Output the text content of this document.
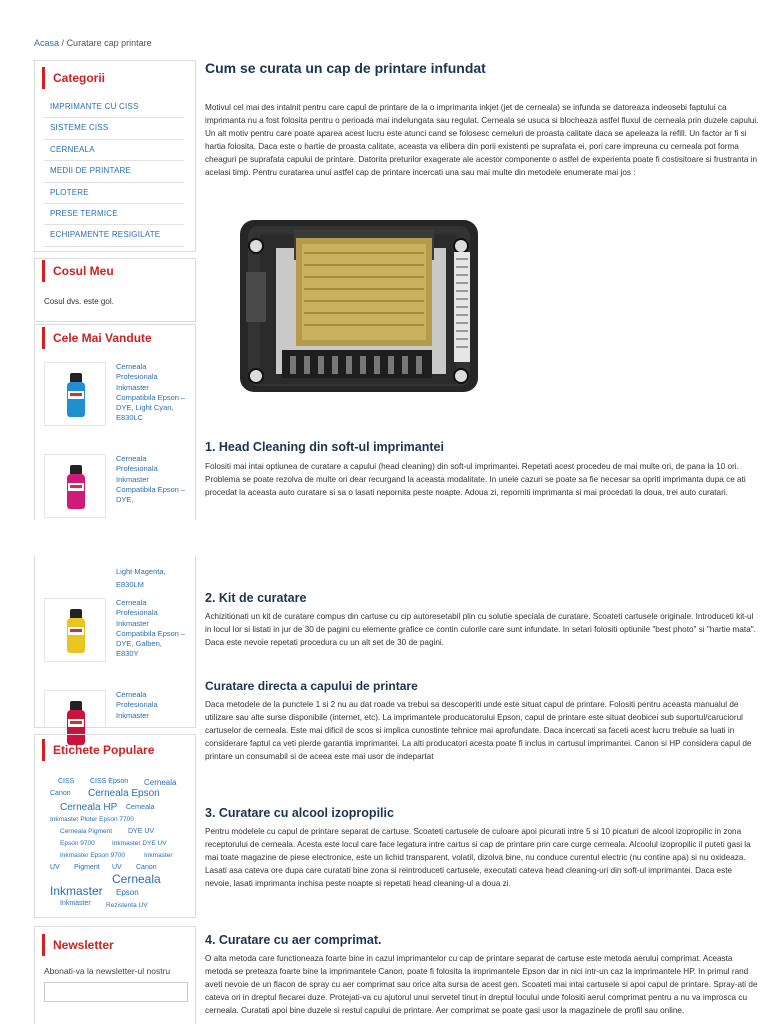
Acasa / Curatare cap printare
Categorii
IMPRIMANTE CU CISS
SISTEME CISS
CERNEALA
MEDII DE PRINTARE
PLOTERE
PRESE TERMICE
ECHIPAMENTE RESIGILATE
Cosul Meu
Cosul dvs. este gol.
Cele Mai Vandute
Cerneala Profesionala Inkmaster Compatibila Epson – DYE, Light Cyan, E830LC
Cerneala Profesionala Inkmaster Compatibila Epson – DYE,
Cum se curata un cap de printare infundat
Motivul cel mai des intalnit pentru care capul de printare de la o imprimanta inkjet (jet de cerneala) se infunda se datoreaza indeosebi faptului ca imprimanta nu a fost folosita pentru o perioada mai indelungata sau regulat. Cerneala se usuca si blocheaza astfel fluxul de cerneala prin duzele capului. Un alt motiv pentru care poate aparea acest lucru este atunci cand se folosesc cerneluri de proasta calitate daca se apeleaza la refill. Un factor ar fi si hartia folosita. Daca este o hartie de proasta calitate, aceasta va elibera din porii existenti pe suprafata ei, pori care impreuna cu cerneala pot forma cheaguri pe suprafata capului de printare. Datorita preturilor exagerate ale acestor componente o astfel de experienta poate fi costisitoare si frustranta in acelasi timp. Pentru curatarea unui astfel cap de printare incercati una sau mai multe din metodele enumerate mai jos :
1. Head Cleaning din soft-ul imprimantei
Folositi mai intai optiunea de curatare a capului (head cleaning) din soft-ul imprimantei. Repetati acest procedeu de mai multe ori, de pana la 10 ori. Problema se poate rezolva de multe ori dear recurgand la aceasta modalitate. In unele cazuri se poate sa fie necesar sa opriti imprimanta dupa ce ati procedat la aceasta auto curatare si sa o lasati nepornita peste noapte. Adoua zi, reporniti imprimanta si mai procedati la doua, trei auto curatari.
Light Magenta, E830LM
Cerneala Profesionala Inkmaster Compatibila Epson – DYE, Galben, E830Y
Cerneala Profesionala Inkmaster
Etichete Populare
CISS CISS Epson Cerneala
Canon Cerneala Epson
Cerneala HP Cerneala
Inkmaster Ploter Epson 7700
Cerneala Pigment DYE UV
Epson 9700	Inkmaster DYE UV
Inkmaster Epson 9700	Inkmaster
UV Pigment UV Canon
Cerneala
Inkmaster Epson
Inkmaster Rezistenta UV
Newsletter
Abonati-va la newsletter-ul nostru
2. Kit de curatare
Achizitionati un kit de curatare compus din cartuse cu cip autoresetabil plin cu solutie speciala de curatare. Scoateti cartusele originale. Introduceti kit-ul in locul lor si listati in jur de 30 de pagini cu elemente grafice ce contin culorile care sunt infundate. In setari folositi optiunile "best photo" si "hartie mata". Daca este nevoie repetati procedura cu un alt set de 30 de pagini.
Curatare directa a capului de printare
Daca metodele de la punctele 1 si 2 nu au dat roade va trebui sa descoperiti unde este situat capul de printare. Folositi pentru aceasta manualul de utilizare sau alte surse disponibile (internet, etc). La imprimantele producatorului Epson, capul de printare este situat deobicei sub suportul/caruciorul cartuselor de cerneala. Este mai dificil de scos si implica cunostinte tehnice mai aprofundate. Daca incercati sa faceti acest lucru trebuie sa luati in considerare faptul ca veti pierde garantia imprimantei. La alti producatori acesta poate fi inclus in cartusul imprimantei. Canon si HP considera capul de printare un consumabil si de aceea este mai usor de indepartat
3. Curatare cu alcool izopropilic
Pentru modelele cu capul de printare separat de cartuse. Scoateti cartusele de culoare apoi picurati intre 5 si 10 picaturi de alcool izopropilic in zona receptorului de cerneala. Acesta este locul care face legatura intre cartus si cap de printare prin care curge cerneala. Alcoolul izopropilic il puteti gasi la mai toate magazine de piese electronice, este un lichid transparent, volatil, dizolva bine, nu conduce curentul electric (nu contine apa) si nu oxideaza. Lasati asa cateva ore dupa care curatati bine zona si reintroduceti cartusele, executati cateva head cleaning-uri din soft-ul imprimantei. Daca este nevoie, lasati imprimanta inchisa peste noapte si repetati head cleaning-ul a doua zi.
4. Curatare cu aer comprimat.
O alta metoda care functioneaza foarte bine in cazul imprimantelor cu cap de printare separat de cartuse este metoda aerului comprimat. Aceasta metoda se preteaza foarte bine la imprimantele Canon, poate fi folosita la imprimantele Epson dar in nici intr-un caz la imprimantele HP. In primul rand aveti nevoie de un flacon de spray cu aer comprimat sau orice alta sursa de acest gen. Scoateti mai intai cartusele si apoi capul de printare. Spray-ati de cateva ori in dreptul fiecarei duze. Protejati-va cu ajutorul unui servetel tinut in dreptul locului unde folositi aerul comprimat pentru a nu va improsca cu cerneala. Curatati apoi bine duzele si restul capului de printare. Aer comprimat se poate gasi usor la magazinele de profil sau online.
